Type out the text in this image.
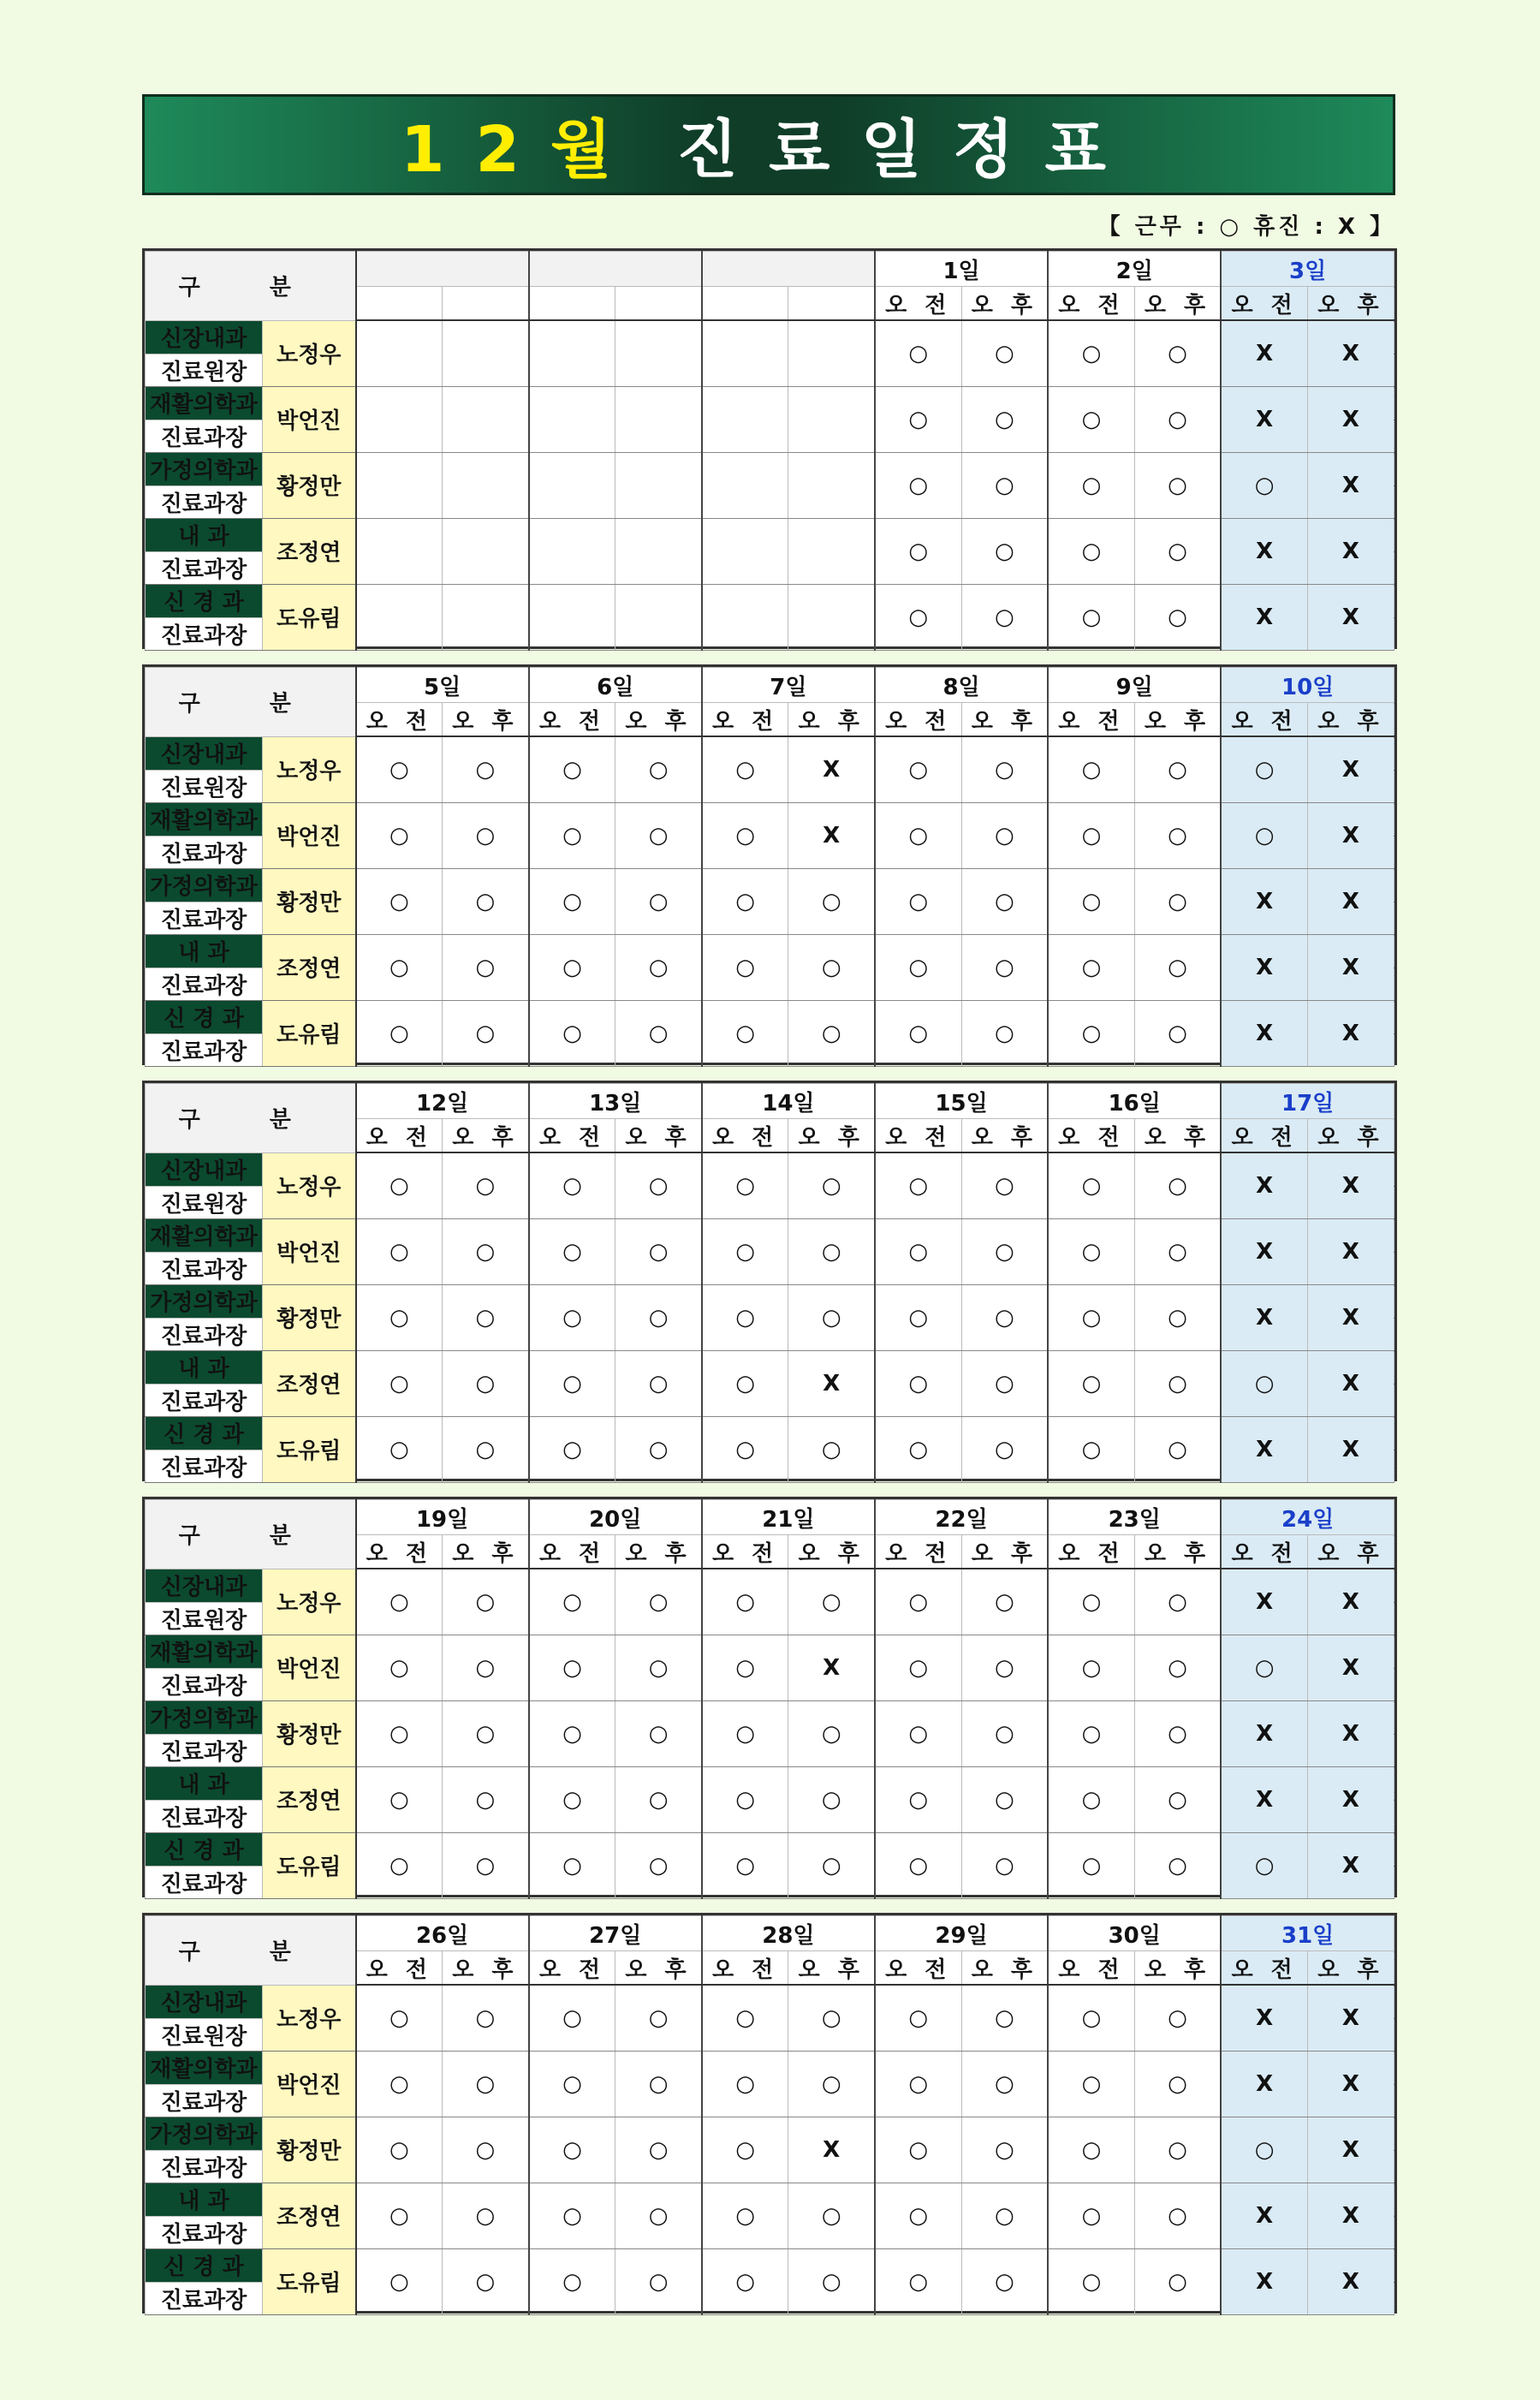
12월 진료일정표
【 근무 : ○ 휴진 : X 】
구 분								1일		2일		3일	
								오 전	오 후	오 전	오 후	오 전	오 후
신장내과	노정우							○	○	○	○	X	X
진료원장													
재활의학과	박언진							○	○	○	○	X	X
진료과장													
가정의학과	황정만							○	○	○	○	○	X
진료과장													
내 과	조정연							○	○	○	○	X	X
진료과장													
신 경 과	도유림							○	○	○	○	X	X
진료과장													
구 분		5일		6일		7일		8일		9일		10일	
		오 전	오 후	오 전	오 후	오 전	오 후	오 전	오 후	오 전	오 후	오 전	오 후
신장내과	노정우	○	○	○	○	○	X	○	○	○	○	○	X
진료원장													
재활의학과	박언진	○	○	○	○	○	X	○	○	○	○	○	X
진료과장													
가정의학과	황정만	○	○	○	○	○	○	○	○	○	○	X	X
진료과장													
내 과	조정연	○	○	○	○	○	○	○	○	○	○	X	X
진료과장													
신 경 과	도유림	○	○	○	○	○	○	○	○	○	○	X	X
진료과장													
구 분		12일		13일		14일		15일		16일		17일	
		오 전	오 후	오 전	오 후	오 전	오 후	오 전	오 후	오 전	오 후	오 전	오 후
신장내과	노정우	○	○	○	○	○	○	○	○	○	○	X	X
진료원장													
재활의학과	박언진	○	○	○	○	○	○	○	○	○	○	X	X
진료과장													
가정의학과	황정만	○	○	○	○	○	○	○	○	○	○	X	X
진료과장													
내 과	조정연	○	○	○	○	○	X	○	○	○	○	○	X
진료과장													
신 경 과	도유림	○	○	○	○	○	○	○	○	○	○	X	X
진료과장													
구 분		19일		20일		21일		22일		23일		24일	
		오 전	오 후	오 전	오 후	오 전	오 후	오 전	오 후	오 전	오 후	오 전	오 후
신장내과	노정우	○	○	○	○	○	○	○	○	○	○	X	X
진료원장													
재활의학과	박언진	○	○	○	○	○	X	○	○	○	○	○	X
진료과장													
가정의학과	황정만	○	○	○	○	○	○	○	○	○	○	X	X
진료과장													
내 과	조정연	○	○	○	○	○	○	○	○	○	○	X	X
진료과장													
신 경 과	도유림	○	○	○	○	○	○	○	○	○	○	○	X
진료과장													
구 분		26일		27일		28일		29일		30일		31일	
		오 전	오 후	오 전	오 후	오 전	오 후	오 전	오 후	오 전	오 후	오 전	오 후
신장내과	노정우	○	○	○	○	○	○	○	○	○	○	X	X
진료원장													
재활의학과	박언진	○	○	○	○	○	○	○	○	○	○	X	X
진료과장													
가정의학과	황정만	○	○	○	○	○	X	○	○	○	○	○	X
진료과장													
내 과	조정연	○	○	○	○	○	○	○	○	○	○	X	X
진료과장													
신 경 과	도유림	○	○	○	○	○	○	○	○	○	○	X	X
진료과장													
